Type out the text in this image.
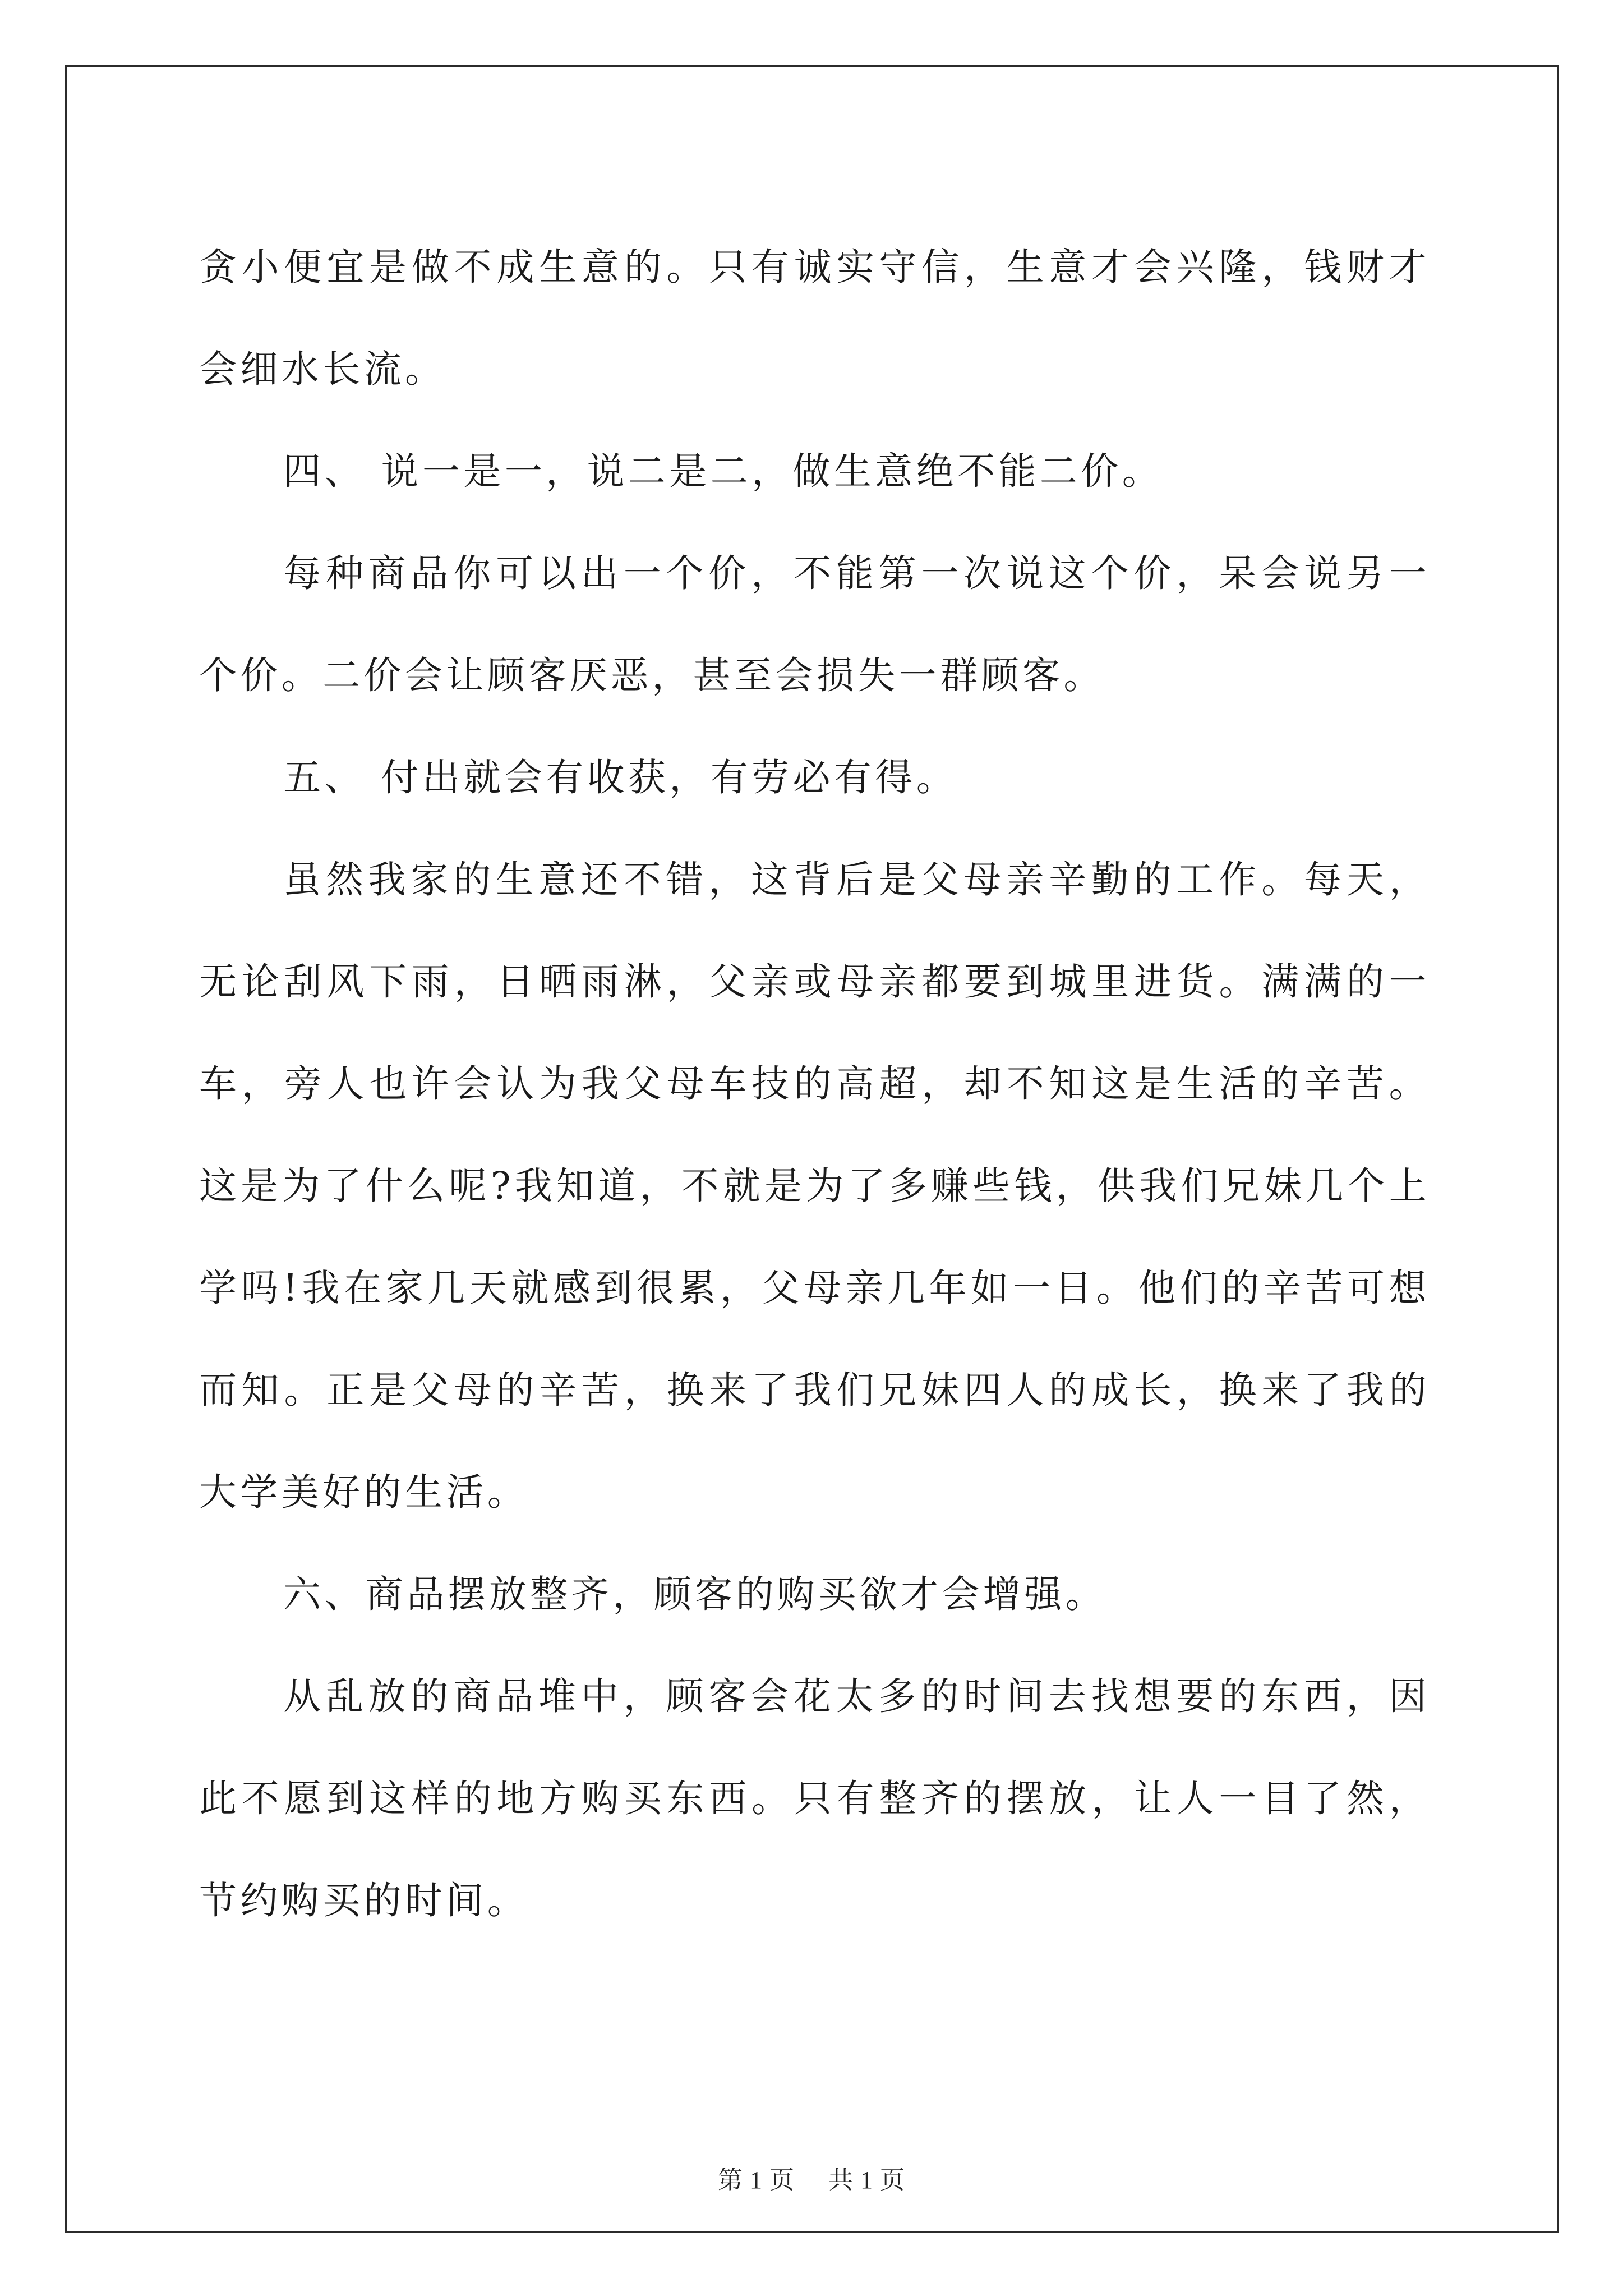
贪小便宜是做不成生意的。只有诚实守信，生意才会兴隆，钱财才会细水长流。

四、 说一是一，说二是二，做生意绝不能二价。

每种商品你可以出一个价，不能第一次说这个价，呆会说另一个价。二价会让顾客厌恶，甚至会损失一群顾客。

五、 付出就会有收获，有劳必有得。

虽然我家的生意还不错，这背后是父母亲辛勤的工作。每天，无论刮风下雨，日晒雨淋，父亲或母亲都要到城里进货。满满的一车，旁人也许会认为我父母车技的高超，却不知这是生活的辛苦。这是为了什么呢?我知道，不就是为了多赚些钱，供我们兄妹几个上学吗!我在家几天就感到很累，父母亲几年如一日。他们的辛苦可想而知。正是父母的辛苦，换来了我们兄妹四人的成长，换来了我的大学美好的生活。

六、商品摆放整齐，顾客的购买欲才会增强。

从乱放的商品堆中，顾客会花太多的时间去找想要的东西，因此不愿到这样的地方购买东西。只有整齐的摆放，让人一目了然，节约购买的时间。

第 1 页 共 1 页
